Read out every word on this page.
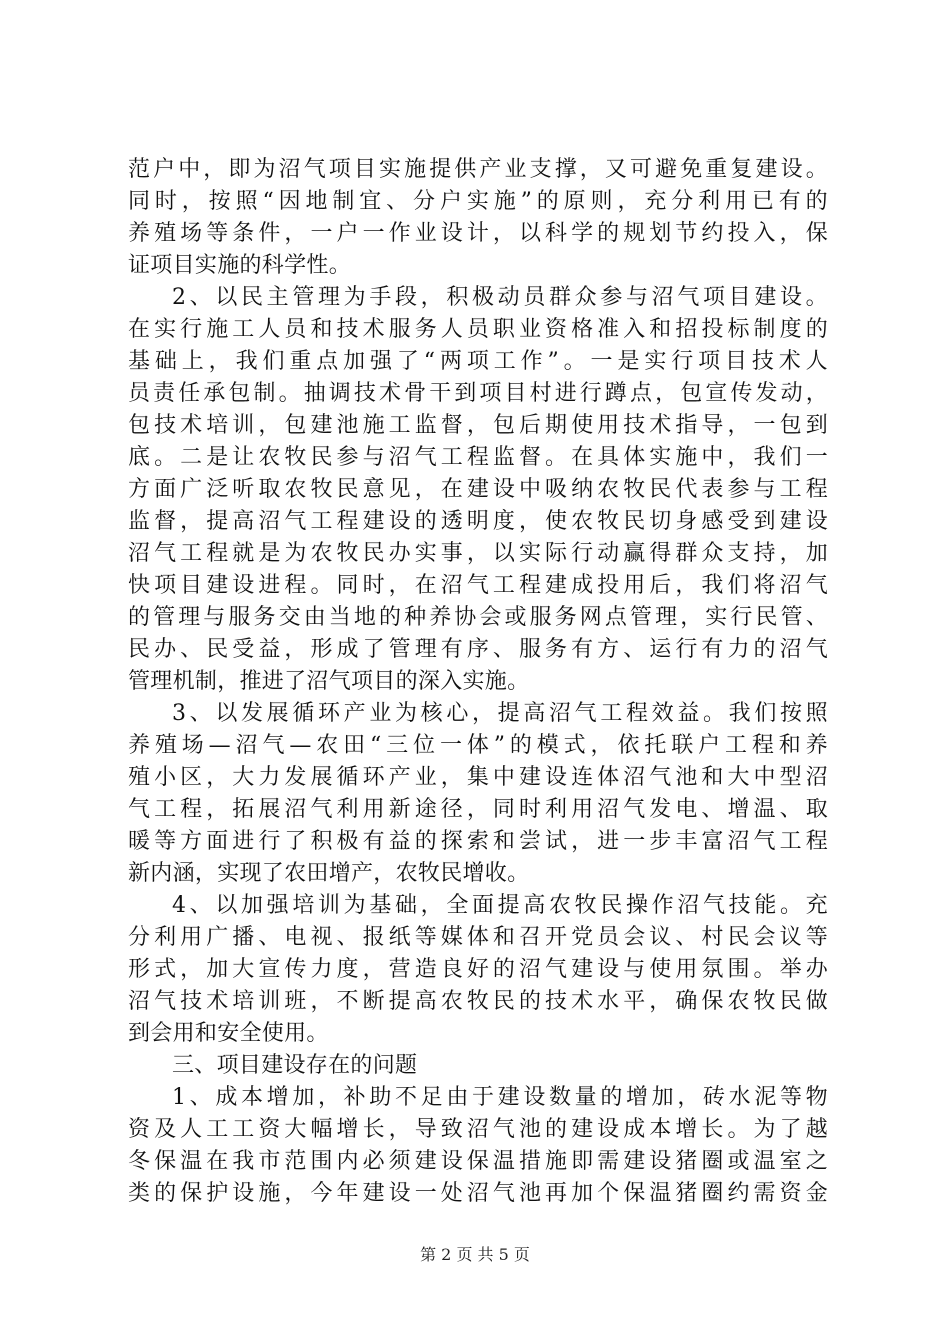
范户中，即为沼气项目实施提供产业支撑，又可避免重复建设。
同时，按照“因地制宜、分户实施”的原则，充分利用已有的
养殖场等条件，一户一作业设计，以科学的规划节约投入，保
证项目实施的科学性。
2、以民主管理为手段，积极动员群众参与沼气项目建设。
在实行施工人员和技术服务人员职业资格准入和招投标制度的
基础上，我们重点加强了“两项工作”。一是实行项目技术人
员责任承包制。抽调技术骨干到项目村进行蹲点，包宣传发动，
包技术培训，包建池施工监督，包后期使用技术指导，一包到
底。二是让农牧民参与沼气工程监督。在具体实施中，我们一
方面广泛听取农牧民意见，在建设中吸纳农牧民代表参与工程
监督，提高沼气工程建设的透明度，使农牧民切身感受到建设
沼气工程就是为农牧民办实事，以实际行动赢得群众支持，加
快项目建设进程。同时，在沼气工程建成投用后，我们将沼气
的管理与服务交由当地的种养协会或服务网点管理，实行民管、
民办、民受益，形成了管理有序、服务有方、运行有力的沼气
管理机制，推进了沼气项目的深入实施。
3、以发展循环产业为核心，提高沼气工程效益。我们按照
养殖场—沼气—农田“三位一体”的模式，依托联户工程和养
殖小区，大力发展循环产业，集中建设连体沼气池和大中型沼
气工程，拓展沼气利用新途径，同时利用沼气发电、增温、取
暖等方面进行了积极有益的探索和尝试，进一步丰富沼气工程
新内涵，实现了农田增产，农牧民增收。
4、以加强培训为基础，全面提高农牧民操作沼气技能。充
分利用广播、电视、报纸等媒体和召开党员会议、村民会议等
形式，加大宣传力度，营造良好的沼气建设与使用氛围。举办
沼气技术培训班，不断提高农牧民的技术水平，确保农牧民做
到会用和安全使用。
三、项目建设存在的问题
1、成本增加，补助不足由于建设数量的增加，砖水泥等物
资及人工工资大幅增长，导致沼气池的建设成本增长。为了越
冬保温在我市范围内必须建设保温措施即需建设猪圈或温室之
类的保护设施，今年建设一处沼气池再加个保温猪圈约需资金
第 2 页 共 5 页
